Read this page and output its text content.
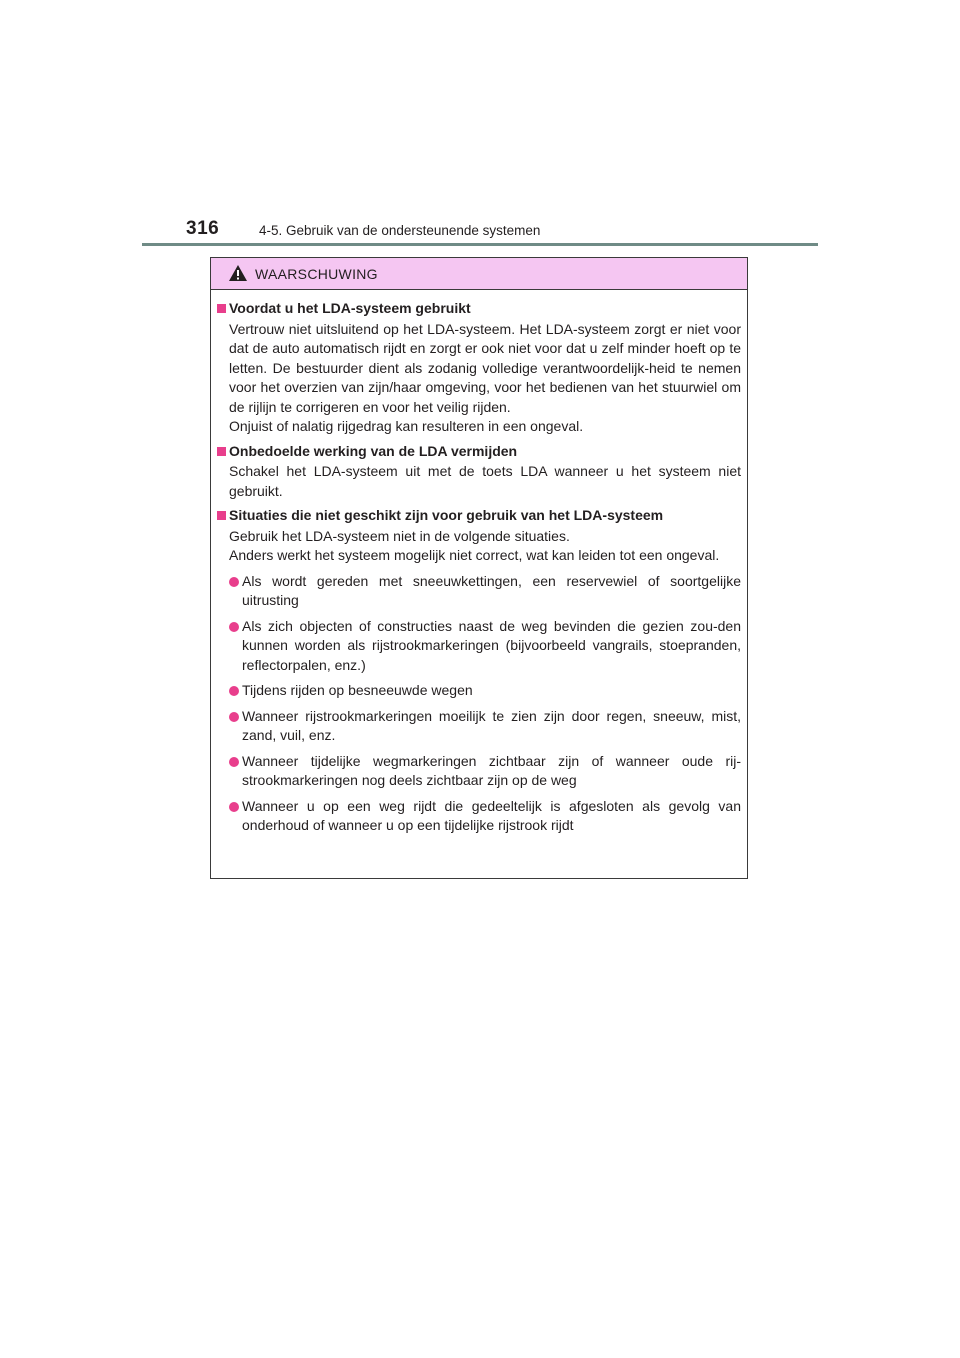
316	4-5. Gebruik van de ondersteunende systemen
WAARSCHUWING
Voordat u het LDA-systeem gebruikt
Vertrouw niet uitsluitend op het LDA-systeem. Het LDA-systeem zorgt er niet voor dat de auto automatisch rijdt en zorgt er ook niet voor dat u zelf minder hoeft op te letten. De bestuurder dient als zodanig volledige verantwoordelijk-heid te nemen voor het overzien van zijn/haar omgeving, voor het bedienen van het stuurwiel om de rijlijn te corrigeren en voor het veilig rijden.
Onjuist of nalatig rijgedrag kan resulteren in een ongeval.
Onbedoelde werking van de LDA vermijden
Schakel het LDA-systeem uit met de toets LDA wanneer u het systeem niet gebruikt.
Situaties die niet geschikt zijn voor gebruik van het LDA-systeem
Gebruik het LDA-systeem niet in de volgende situaties.
Anders werkt het systeem mogelijk niet correct, wat kan leiden tot een ongeval.
Als wordt gereden met sneeuwkettingen, een reservewiel of soortgelijke uitrusting
Als zich objecten of constructies naast de weg bevinden die gezien zou-den kunnen worden als rijstrookmarkeringen (bijvoorbeeld vangrails, stoepranden, reflectorpalen, enz.)
Tijdens rijden op besneeuwde wegen
Wanneer rijstrookmarkeringen moeilijk te zien zijn door regen, sneeuw, mist, zand, vuil, enz.
Wanneer tijdelijke wegmarkeringen zichtbaar zijn of wanneer oude rij-strookmarkeringen nog deels zichtbaar zijn op de weg
Wanneer u op een weg rijdt die gedeeltelijk is afgesloten als gevolg van onderhoud of wanneer u op een tijdelijke rijstrook rijdt
